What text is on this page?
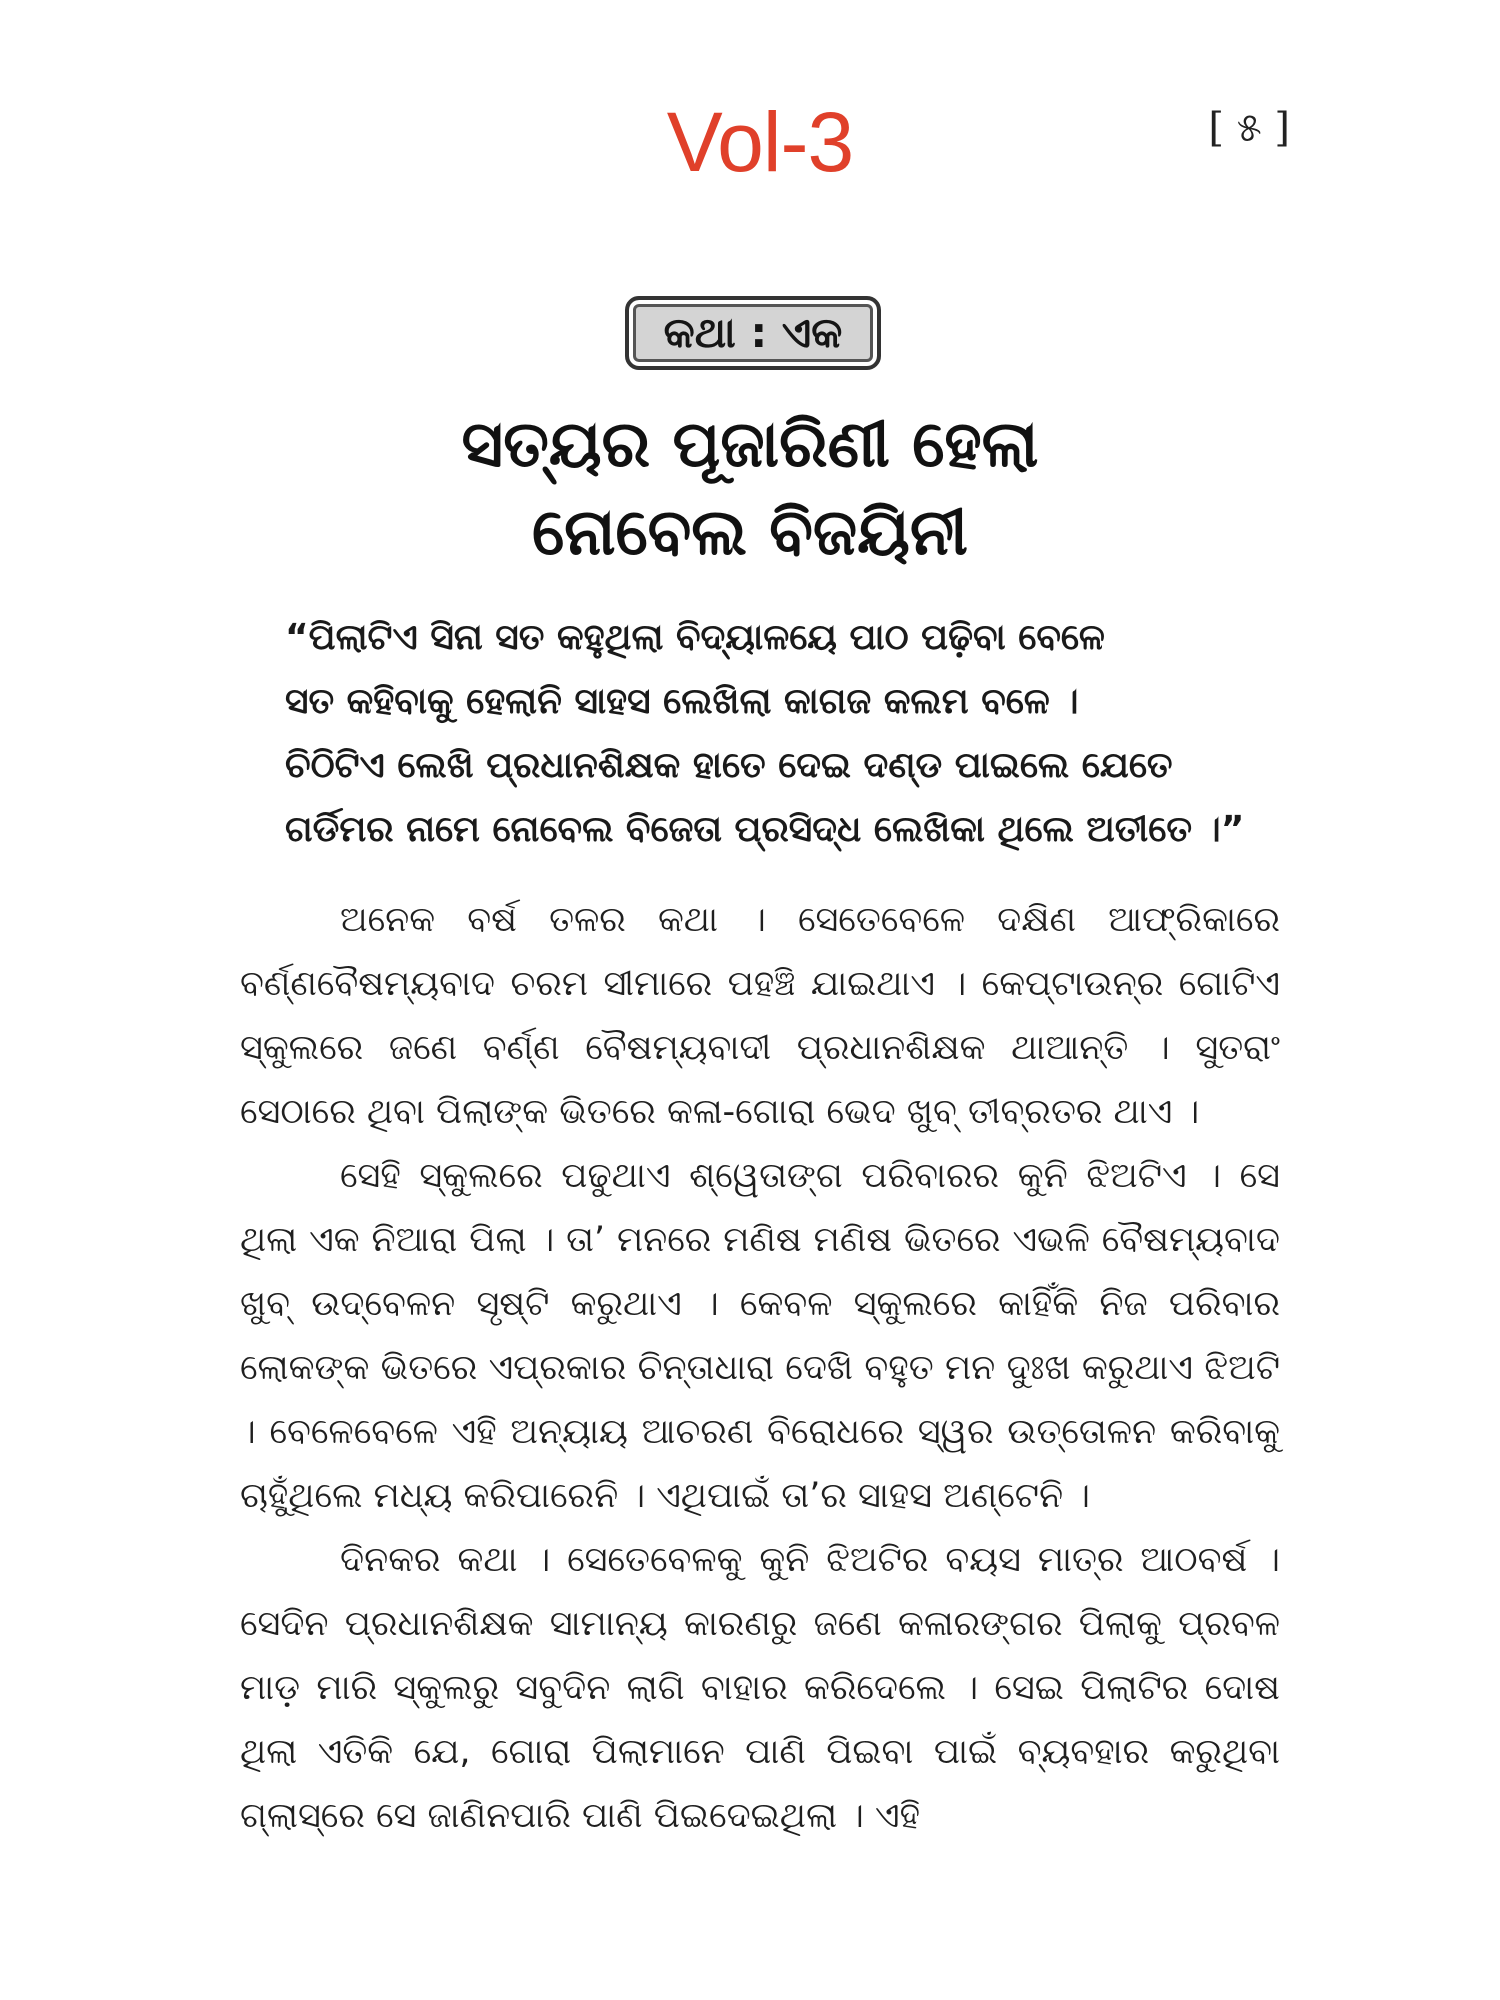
Vol-3	[ ୫ ]
କଥା : ଏକ
ସତ୍ୟର ପୂଜାରିଣୀ ହେଲା
ନୋବେଲ ବିଜୟିନୀ
“ପିଲାଟିଏ ସିନା ସତ କହୁଥିଲା ବିଦ୍ୟାଳୟେ ପାଠ ପଢ଼ିବା ବେଳେ
ସତ କହିବାକୁ ହେଲାନି ସାହସ ଲେଖିଲା କାଗଜ କଲମ ବଳେ ।
ଚିଠିଟିଏ ଲେଖି ପ୍ରଧାନଶିକ୍ଷକ ହାତେ ଦେଇ ଦଣ୍ଡ ପାଇଲେ ଯେତେ
ଗର୍ଡିମର ନାମେ ନୋବେଲ ବିଜେତା ପ୍ରସିଦ୍ଧ ଲେଖିକା ଥିଲେ ଅତୀତେ ।”

ଅନେକ ବର୍ଷ ତଳର କଥା । ସେତେବେଳେ ଦକ୍ଷିଣ ଆଫ୍ରିକାରେ ବର୍ଣ୍ଣବୈଷମ୍ୟବାଦ ଚରମ ସୀମାରେ ପହଞ୍ଚି ଯାଇଥାଏ । କେପ୍‌ଟାଉନ୍‌ର ଗୋଟିଏ ସ୍କୁଲରେ ଜଣେ ବର୍ଣ୍ଣ ବୈଷମ୍ୟବାଦୀ ପ୍ରଧାନଶିକ୍ଷକ ଥାଆନ୍ତି । ସୁତରାଂ ସେଠାରେ ଥିବା ପିଲାଙ୍କ ଭିତରେ କଳା-ଗୋରା ଭେଦ ଖୁବ୍ ତୀବ୍ରତର ଥାଏ ।

ସେହି ସ୍କୁଲରେ ପଢୁଥାଏ ଶ୍ୱେତାଙ୍ଗ ପରିବାରର କୁନି ଝିଅଟିଏ । ସେ ଥିଲା ଏକ ନିଆରା ପିଲା । ତା’ ମନରେ ମଣିଷ ମଣିଷ ଭିତରେ ଏଭଳି ବୈଷମ୍ୟବାଦ ଖୁବ୍ ଉଦ୍‌ବେଳନ ସୃଷ୍ଟି କରୁଥାଏ । କେବଳ ସ୍କୁଲରେ କାହିଁକି ନିଜ ପରିବାର ଲୋକଙ୍କ ଭିତରେ ଏପ୍ରକାର ଚିନ୍ତାଧାରା ଦେଖି ବହୁତ ମନ ଦୁଃଖ କରୁଥାଏ ଝିଅଟି । ବେଳେବେଳେ ଏହି ଅନ୍ୟାୟ ଆଚରଣ ବିରୋଧରେ ସ୍ୱର ଉତ୍ତୋଳନ କରିବାକୁ ଚାହୁଁଥିଲେ ମଧ୍ୟ କରିପାରେନି । ଏଥିପାଇଁ ତା’ର ସାହସ ଅଣ୍ଟେନି ।

ଦିନକର କଥା । ସେତେବେଳକୁ କୁନି ଝିଅଟିର ବୟସ ମାତ୍ର ଆଠବର୍ଷ । ସେଦିନ ପ୍ରଧାନଶିକ୍ଷକ ସାମାନ୍ୟ କାରଣରୁ ଜଣେ କଳାରଙ୍ଗର ପିଲାକୁ ପ୍ରବଳ ମାଡ଼ ମାରି ସ୍କୁଲରୁ ସବୁଦିନ ଲାଗି ବାହାର କରିଦେଲେ । ସେଇ ପିଲାଟିର ଦୋଷ ଥିଲା ଏତିକି ଯେ, ଗୋରା ପିଲାମାନେ ପାଣି ପିଇବା ପାଇଁ ବ୍ୟବହାର କରୁଥିବା ଗ୍ଲାସ୍‌ରେ ସେ ଜାଣିନପାରି ପାଣି ପିଇଦେଇଥିଲା । ଏହି
